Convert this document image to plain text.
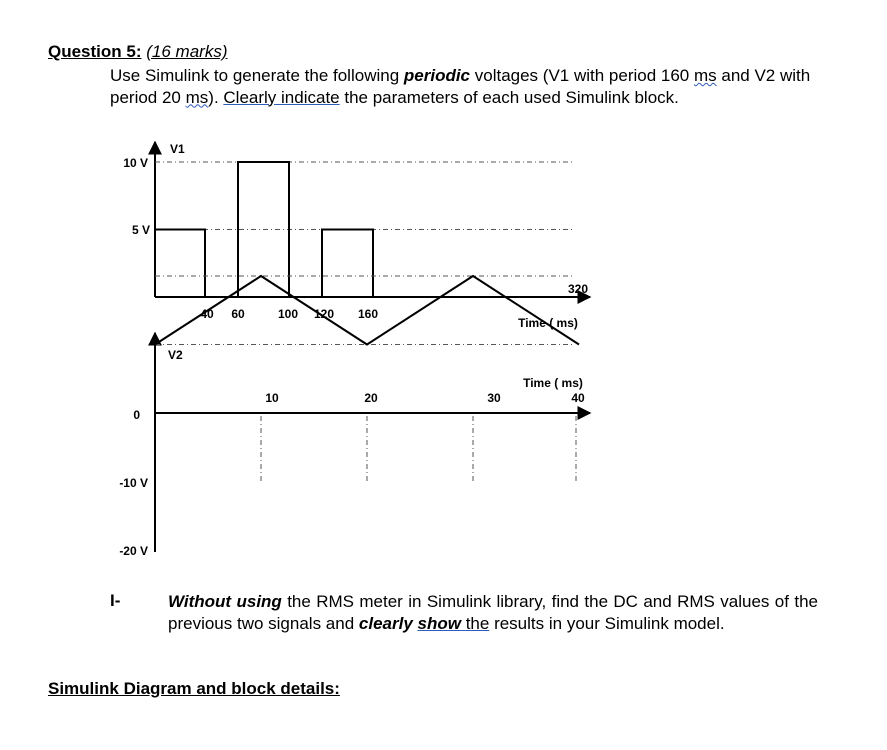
Question 5: (16 marks)
Use Simulink to generate the following periodic voltages (V1 with period 160 ms and V2 with period 20 ms). Clearly indicate the parameters of each used Simulink block.
V1
10 V
5 V
40 60	100 120 160
320
Time ( ms)
V2
0
-10 V
-20 V
10	20	30	40
Time ( ms)
I-	Without using the RMS meter in Simulink library, find the DC and RMS values of the previous two signals and clearly show the results in your Simulink model.
Simulink Diagram and block details:
